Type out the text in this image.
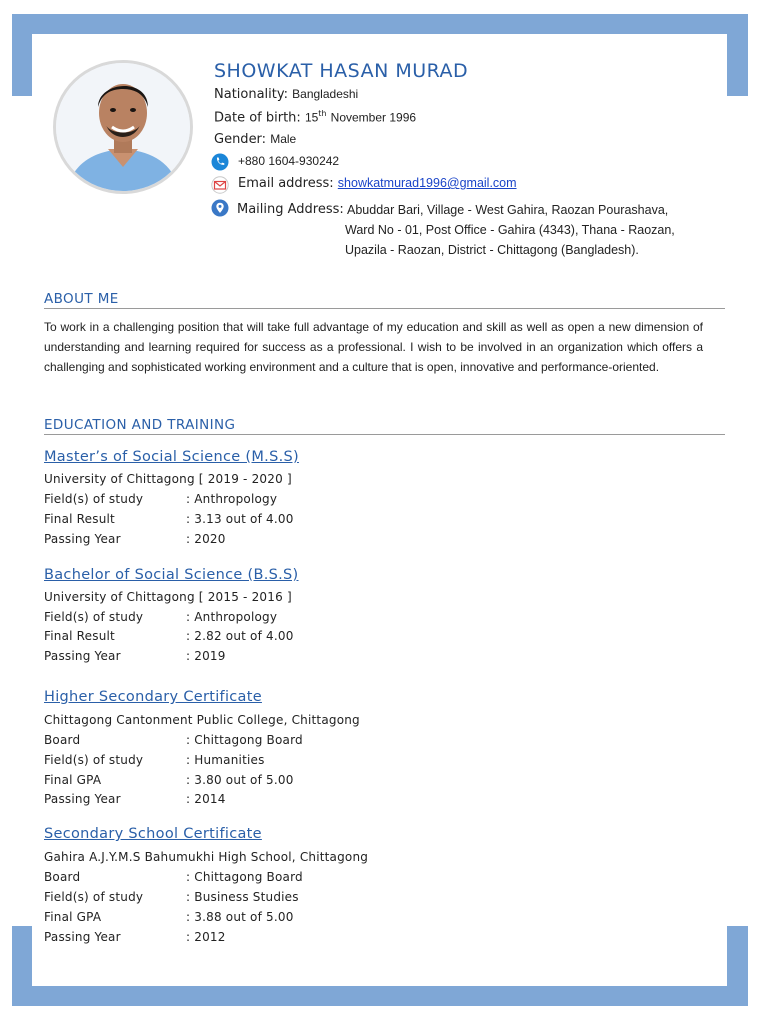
SHOWKAT HASAN MURAD
Nationality: Bangladeshi
Date of birth: 15th November 1996
Gender: Male
+880 1604-930242
Email address: showkatmurad1996@gmail.com
Mailing Address: Abuddar Bari, Village - West Gahira, Raozan Pourashava,
Ward No - 01, Post Office - Gahira (4343), Thana - Raozan,
Upazila - Raozan, District - Chittagong (Bangladesh).
ABOUT ME
To work in a challenging position that will take full advantage of my education and skill as well as open a new dimension of understanding and learning required for success as a professional. I wish to be involved in an organization which offers a challenging and sophisticated working environment and a culture that is open, innovative and performance-oriented.
EDUCATION AND TRAINING
Master’s of Social Science (M.S.S)
University of Chittagong [ 2019 - 2020 ]
Field(s) of study	: Anthropology
Final Result	: 3.13 out of 4.00
Passing Year	: 2020
Bachelor of Social Science (B.S.S)
University of Chittagong [ 2015 - 2016 ]
Field(s) of study	: Anthropology
Final Result	: 2.82 out of 4.00
Passing Year	: 2019
Higher Secondary Certificate
Chittagong Cantonment Public College, Chittagong
Board	: Chittagong Board
Field(s) of study	: Humanities
Final GPA	: 3.80 out of 5.00
Passing Year	: 2014
Secondary School Certificate
Gahira A.J.Y.M.S Bahumukhi High School, Chittagong
Board	: Chittagong Board
Field(s) of study	: Business Studies
Final GPA	: 3.88 out of 5.00
Passing Year	: 2012
